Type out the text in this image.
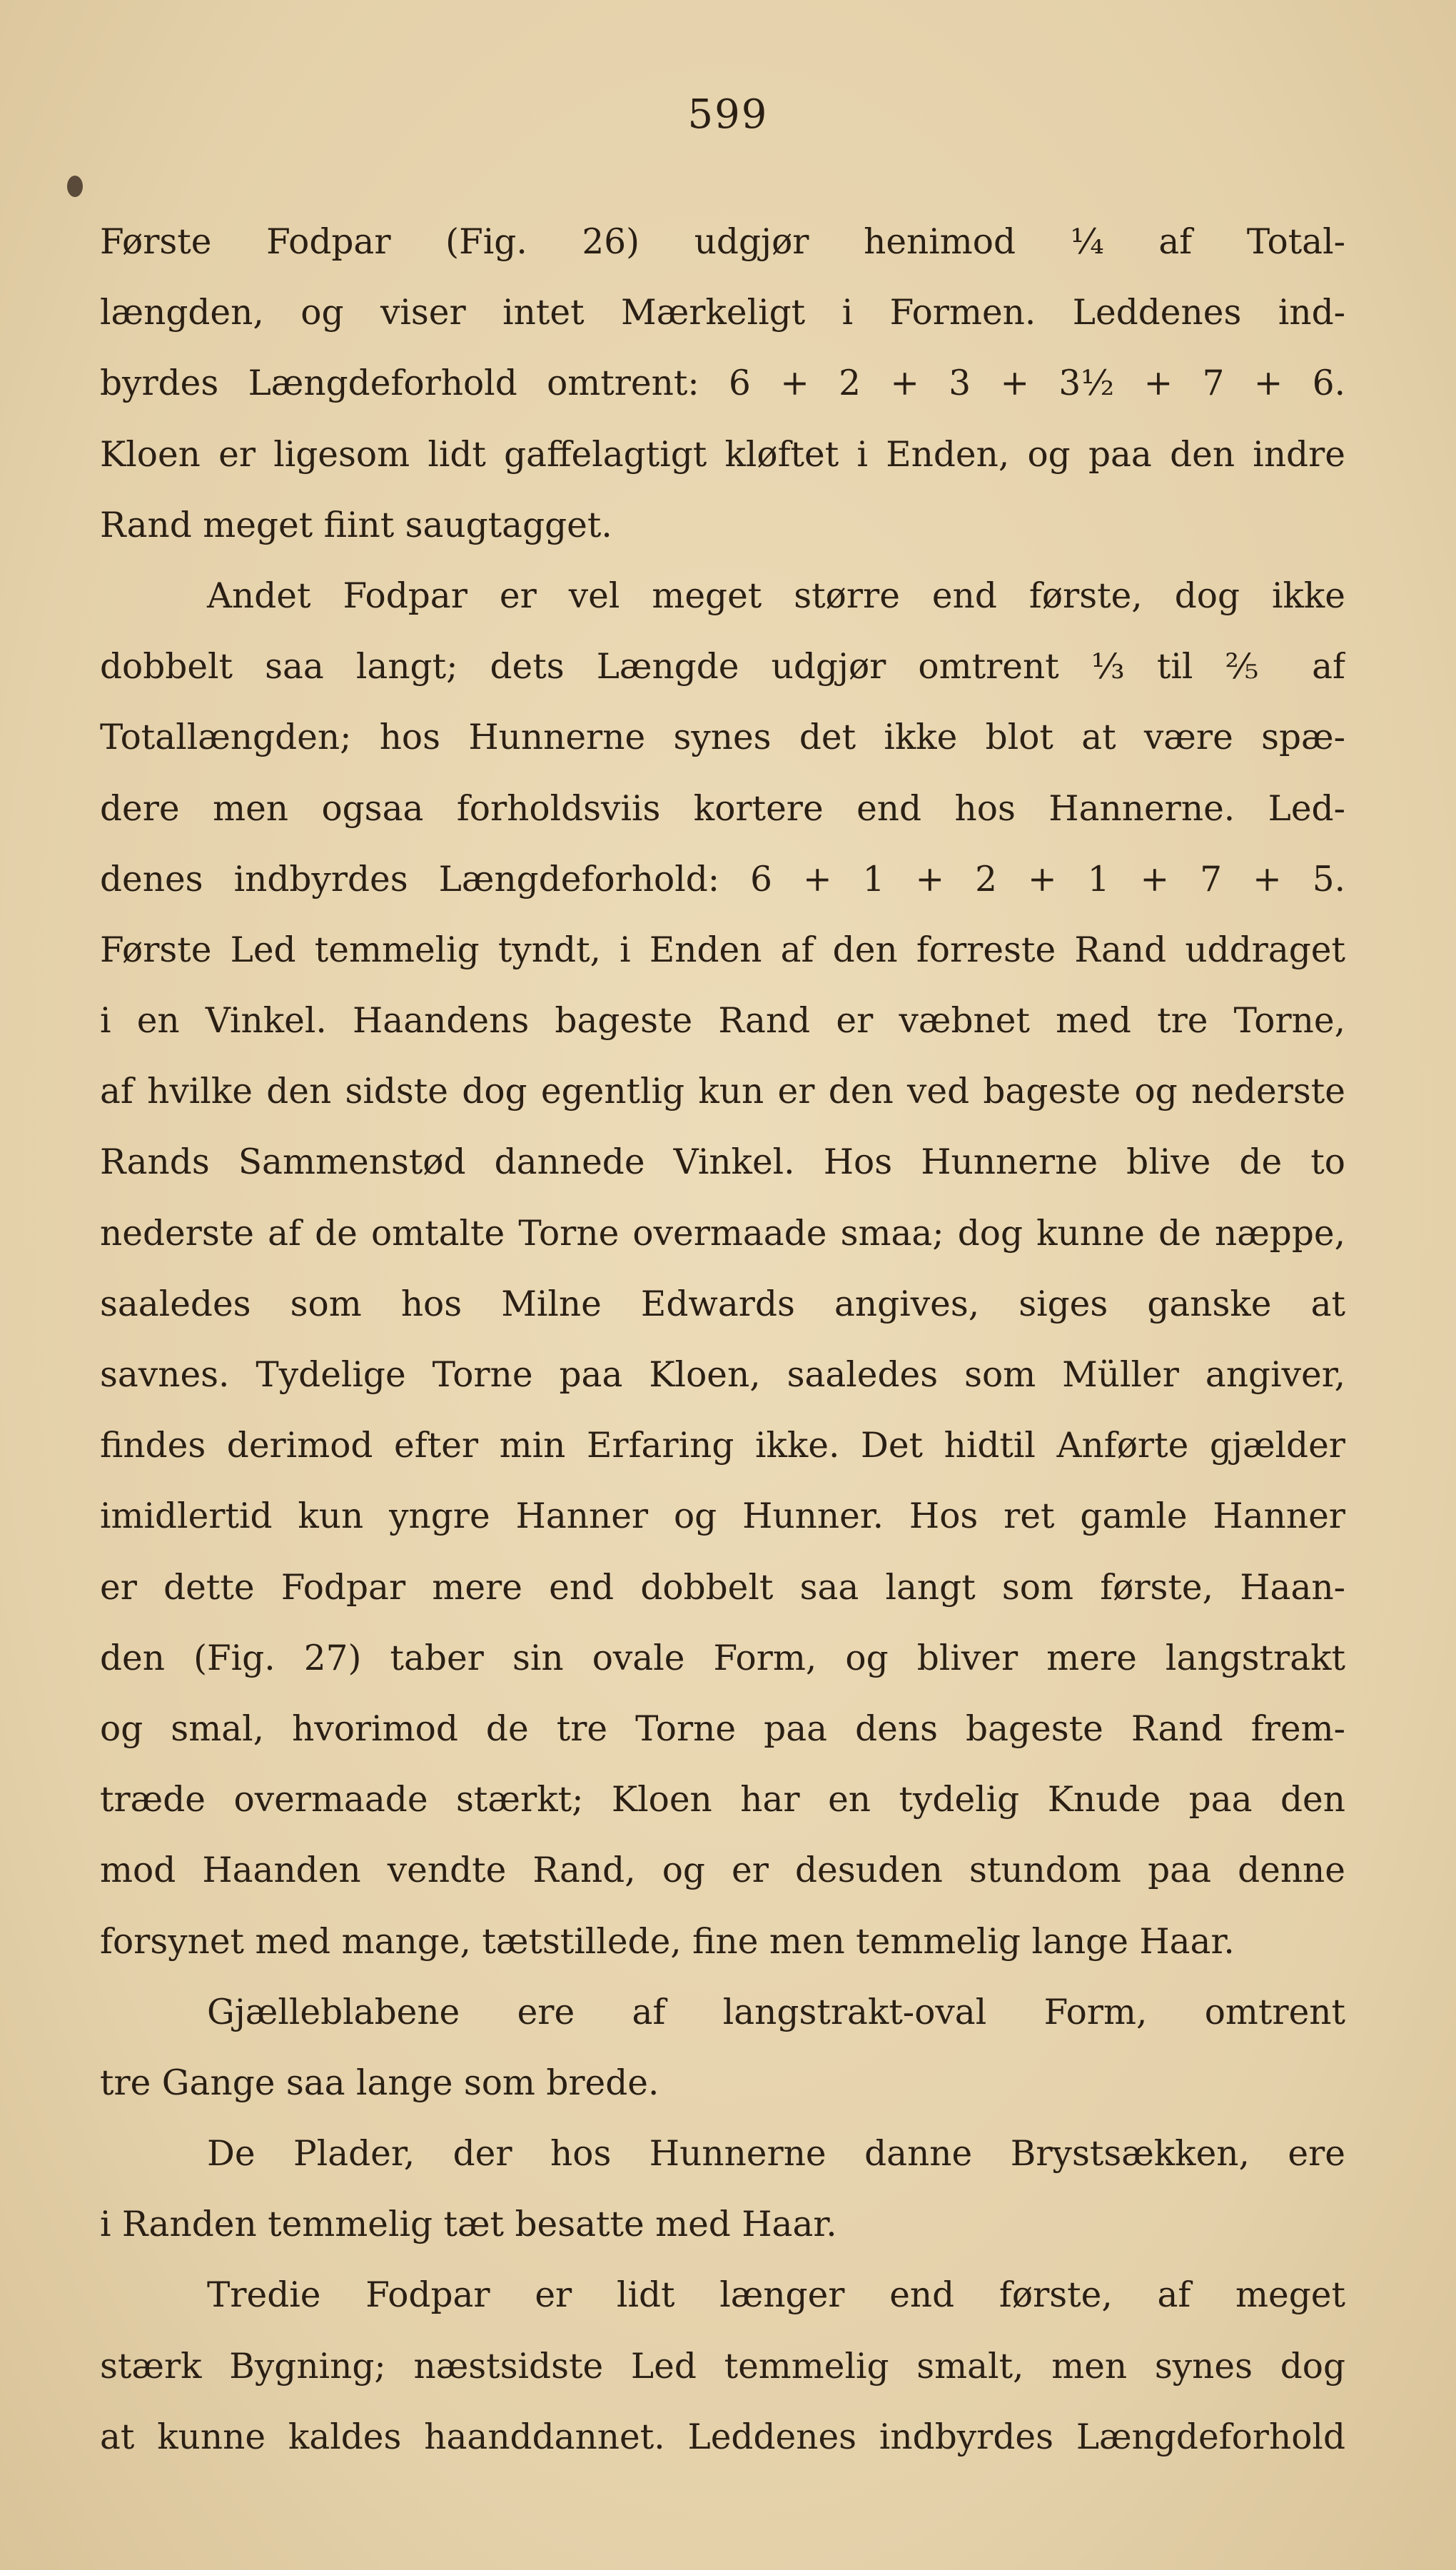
599
Første Fodpar (Fig. 26) udgjør henimod ¼ af Total-
længden, og viser intet Mærkeligt i Formen. Leddenes ind-
byrdes Længdeforhold omtrent: 6 + 2 + 3 + 3½ + 7 + 6.
Kloen er ligesom lidt gaffelagtigt kløftet i Enden, og paa den indre
Rand meget fiint saugtagget.
Andet Fodpar er vel meget større end første, dog ikke
dobbelt saa langt; dets Længde udgjør omtrent ⅓ til ⅖ af
Totallængden; hos Hunnerne synes det ikke blot at være spæ-
dere men ogsaa forholdsviis kortere end hos Hannerne. Led-
denes indbyrdes Længdeforhold: 6 + 1 + 2 + 1 + 7 + 5.
Første Led temmelig tyndt, i Enden af den forreste Rand uddraget
i en Vinkel. Haandens bageste Rand er væbnet med tre Torne,
af hvilke den sidste dog egentlig kun er den ved bageste og nederste
Rands Sammenstød dannede Vinkel. Hos Hunnerne blive de to
nederste af de omtalte Torne overmaade smaa; dog kunne de næppe,
saaledes som hos Milne Edwards angives, siges ganske at
savnes. Tydelige Torne paa Kloen, saaledes som Müller angiver,
findes derimod efter min Erfaring ikke. Det hidtil Anførte gjælder
imidlertid kun yngre Hanner og Hunner. Hos ret gamle Hanner
er dette Fodpar mere end dobbelt saa langt som første, Haan-
den (Fig. 27) taber sin ovale Form, og bliver mere langstrakt
og smal, hvorimod de tre Torne paa dens bageste Rand frem-
træde overmaade stærkt; Kloen har en tydelig Knude paa den
mod Haanden vendte Rand, og er desuden stundom paa denne
forsynet med mange, tætstillede, fine men temmelig lange Haar.
Gjælleblabene ere af langstrakt-oval Form, omtrent
tre Gange saa lange som brede.
De Plader, der hos Hunnerne danne Brystsækken, ere
i Randen temmelig tæt besatte med Haar.
Tredie Fodpar er lidt længer end første, af meget
stærk Bygning; næstsidste Led temmelig smalt, men synes dog
at kunne kaldes haanddannet. Leddenes indbyrdes Længdeforhold
